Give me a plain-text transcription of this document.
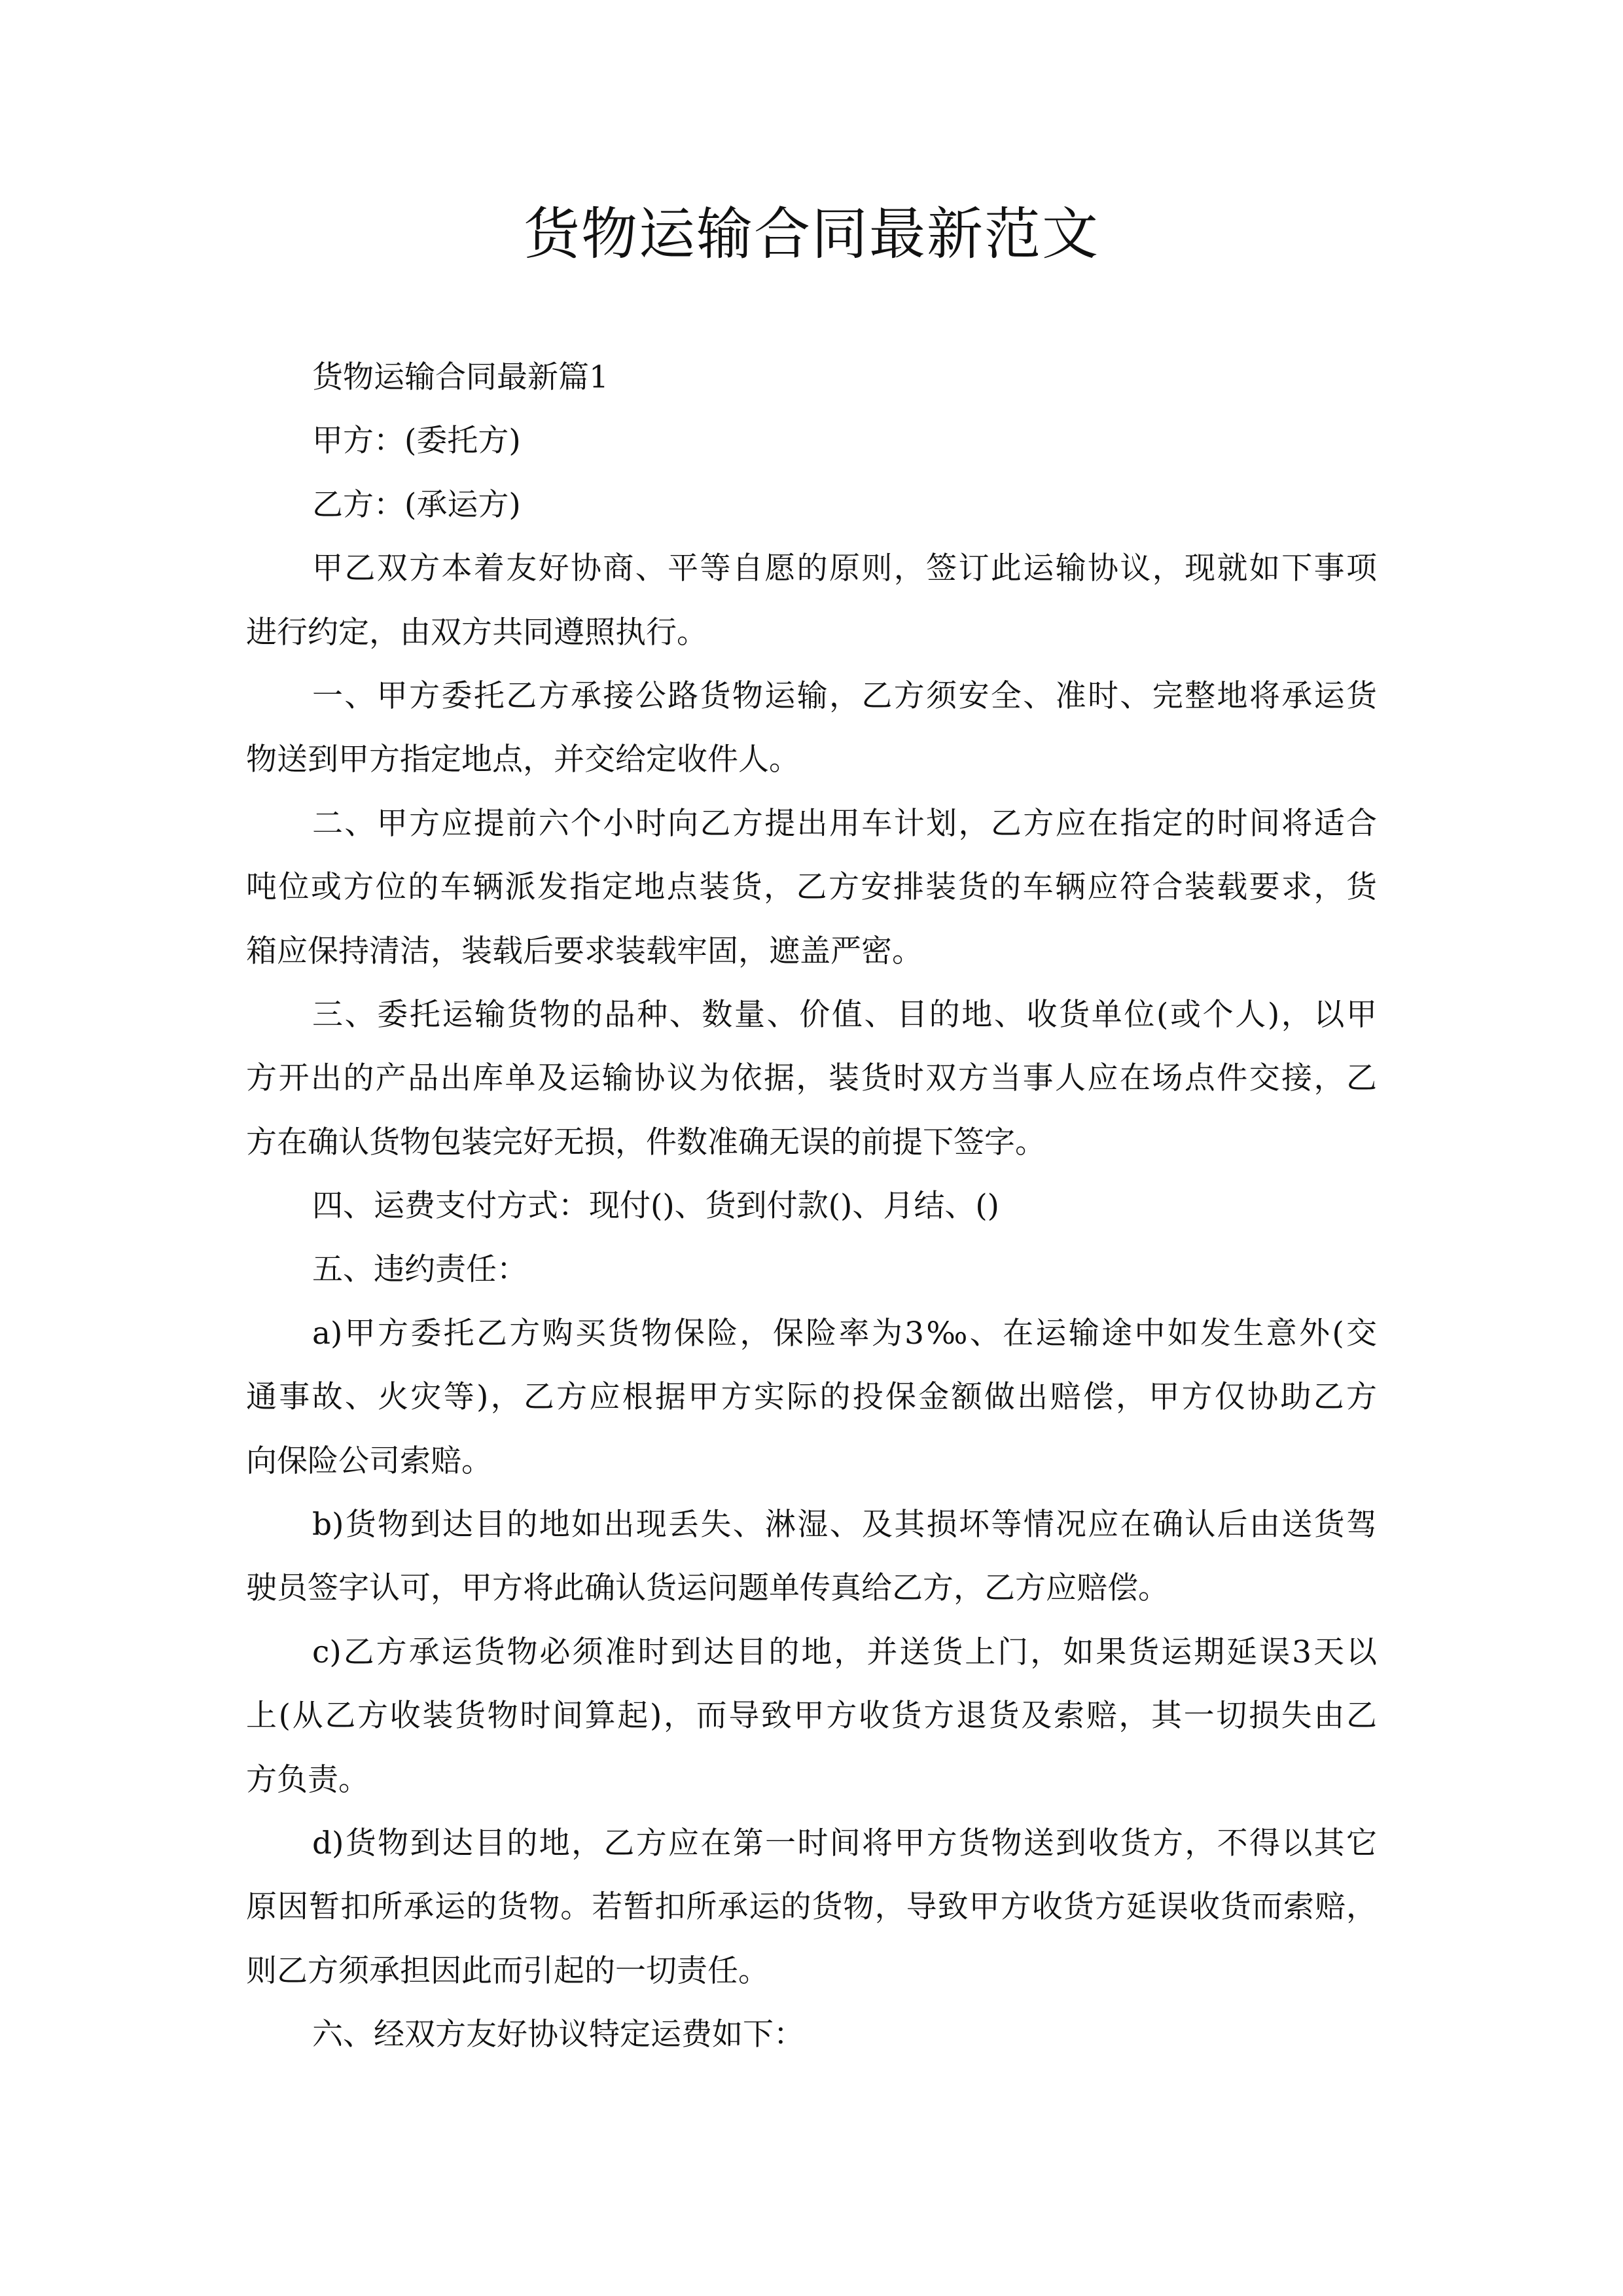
货物运输合同最新范文
货物运输合同最新篇1
甲方：(委托方)
乙方：(承运方)
甲乙双方本着友好协商、平等自愿的原则，签订此运输协议，现就如下事项
进行约定，由双方共同遵照执行。
一、甲方委托乙方承接公路货物运输，乙方须安全、准时、完整地将承运货
物送到甲方指定地点，并交给定收件人。
二、甲方应提前六个小时向乙方提出用车计划，乙方应在指定的时间将适合
吨位或方位的车辆派发指定地点装货，乙方安排装货的车辆应符合装载要求，货
箱应保持清洁，装载后要求装载牢固，遮盖严密。
三、委托运输货物的品种、数量、价值、目的地、收货单位(或个人)，以甲
方开出的产品出库单及运输协议为依据，装货时双方当事人应在场点件交接，乙
方在确认货物包装完好无损，件数准确无误的前提下签字。
四、运费支付方式：现付()、货到付款()、月结、()
五、违约责任：
a)甲方委托乙方购买货物保险，保险率为3‰、在运输途中如发生意外(交
通事故、火灾等)，乙方应根据甲方实际的投保金额做出赔偿，甲方仅协助乙方
向保险公司索赔。
b)货物到达目的地如出现丢失、淋湿、及其损坏等情况应在确认后由送货驾
驶员签字认可，甲方将此确认货运问题单传真给乙方，乙方应赔偿。
c)乙方承运货物必须准时到达目的地，并送货上门，如果货运期延误3天以
上(从乙方收装货物时间算起)，而导致甲方收货方退货及索赔，其一切损失由乙
方负责。
d)货物到达目的地，乙方应在第一时间将甲方货物送到收货方，不得以其它
原因暂扣所承运的货物。若暂扣所承运的货物，导致甲方收货方延误收货而索赔，
则乙方须承担因此而引起的一切责任。
六、经双方友好协议特定运费如下：
